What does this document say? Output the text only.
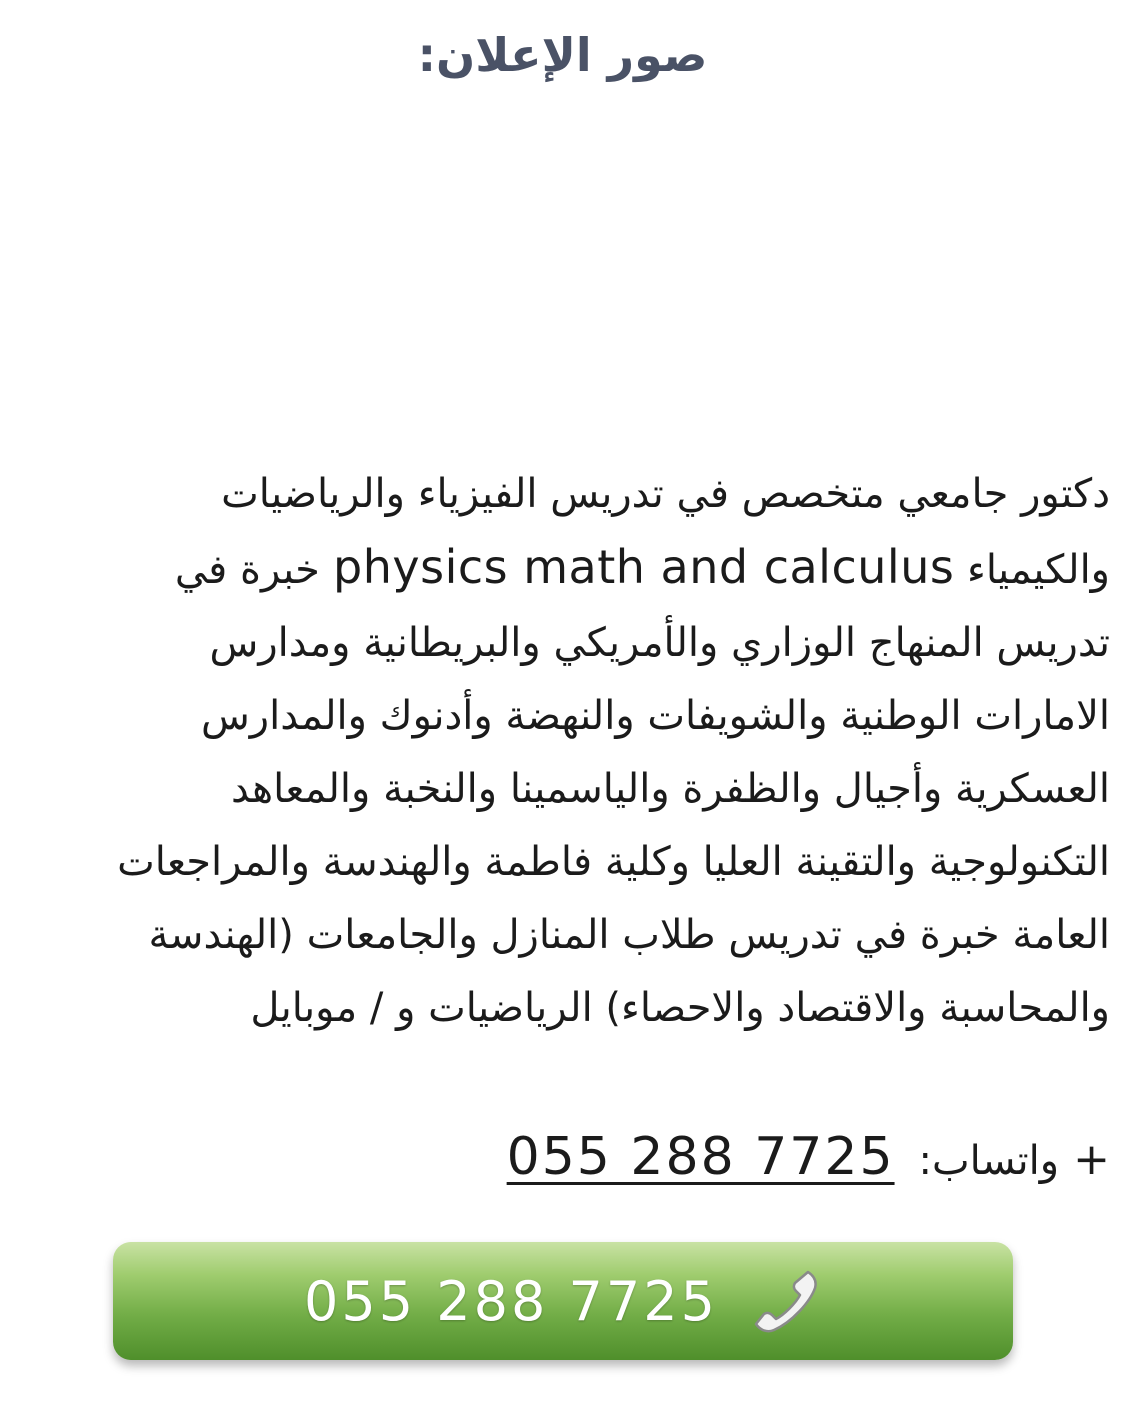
صور الإعلان:
دكتور جامعي متخصص في تدريس الفيزياء والرياضيات
والكيمياء physics math and calculus خبرة في
تدريس المنهاج الوزاري والأمريكي والبريطانية ومدارس
الامارات الوطنية والشويفات والنهضة وأدنوك والمدارس
العسكرية وأجيال والظفرة والياسمينا والنخبة والمعاهد
التكنولوجية والتقينة العليا وكلية فاطمة والهندسة والمراجعات
العامة خبرة في تدريس طلاب المنازل والجامعات (الهندسة
والمحاسبة والاقتصاد والاحصاء) الرياضيات و / موبايل
+واتساب:055 288 7725
055 288 7725
